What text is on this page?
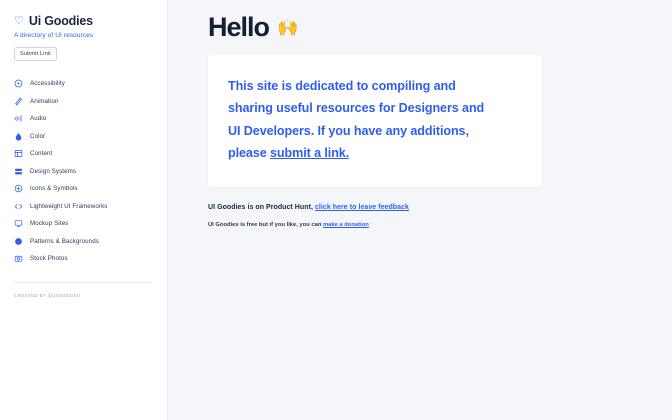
♡ Ui Goodies
A directory of UI resources
Submit Link
Accessibility
Animation
Audio
Color
Content
Design Systems
Icons & Symbols
Lightweight UI Frameworks
Mockup Sites
Patterns & Backgrounds
Stock Photos
CREATED BY @JOSSEDEV
Hello 🙌
This site is dedicated to compiling and
sharing useful resources for Designers and
UI Developers. If you have any additions,
please submit a link.

UI Goodies is on Product Hunt, click here to leave feedback

UI Goodies is free but if you like, you can make a donation
